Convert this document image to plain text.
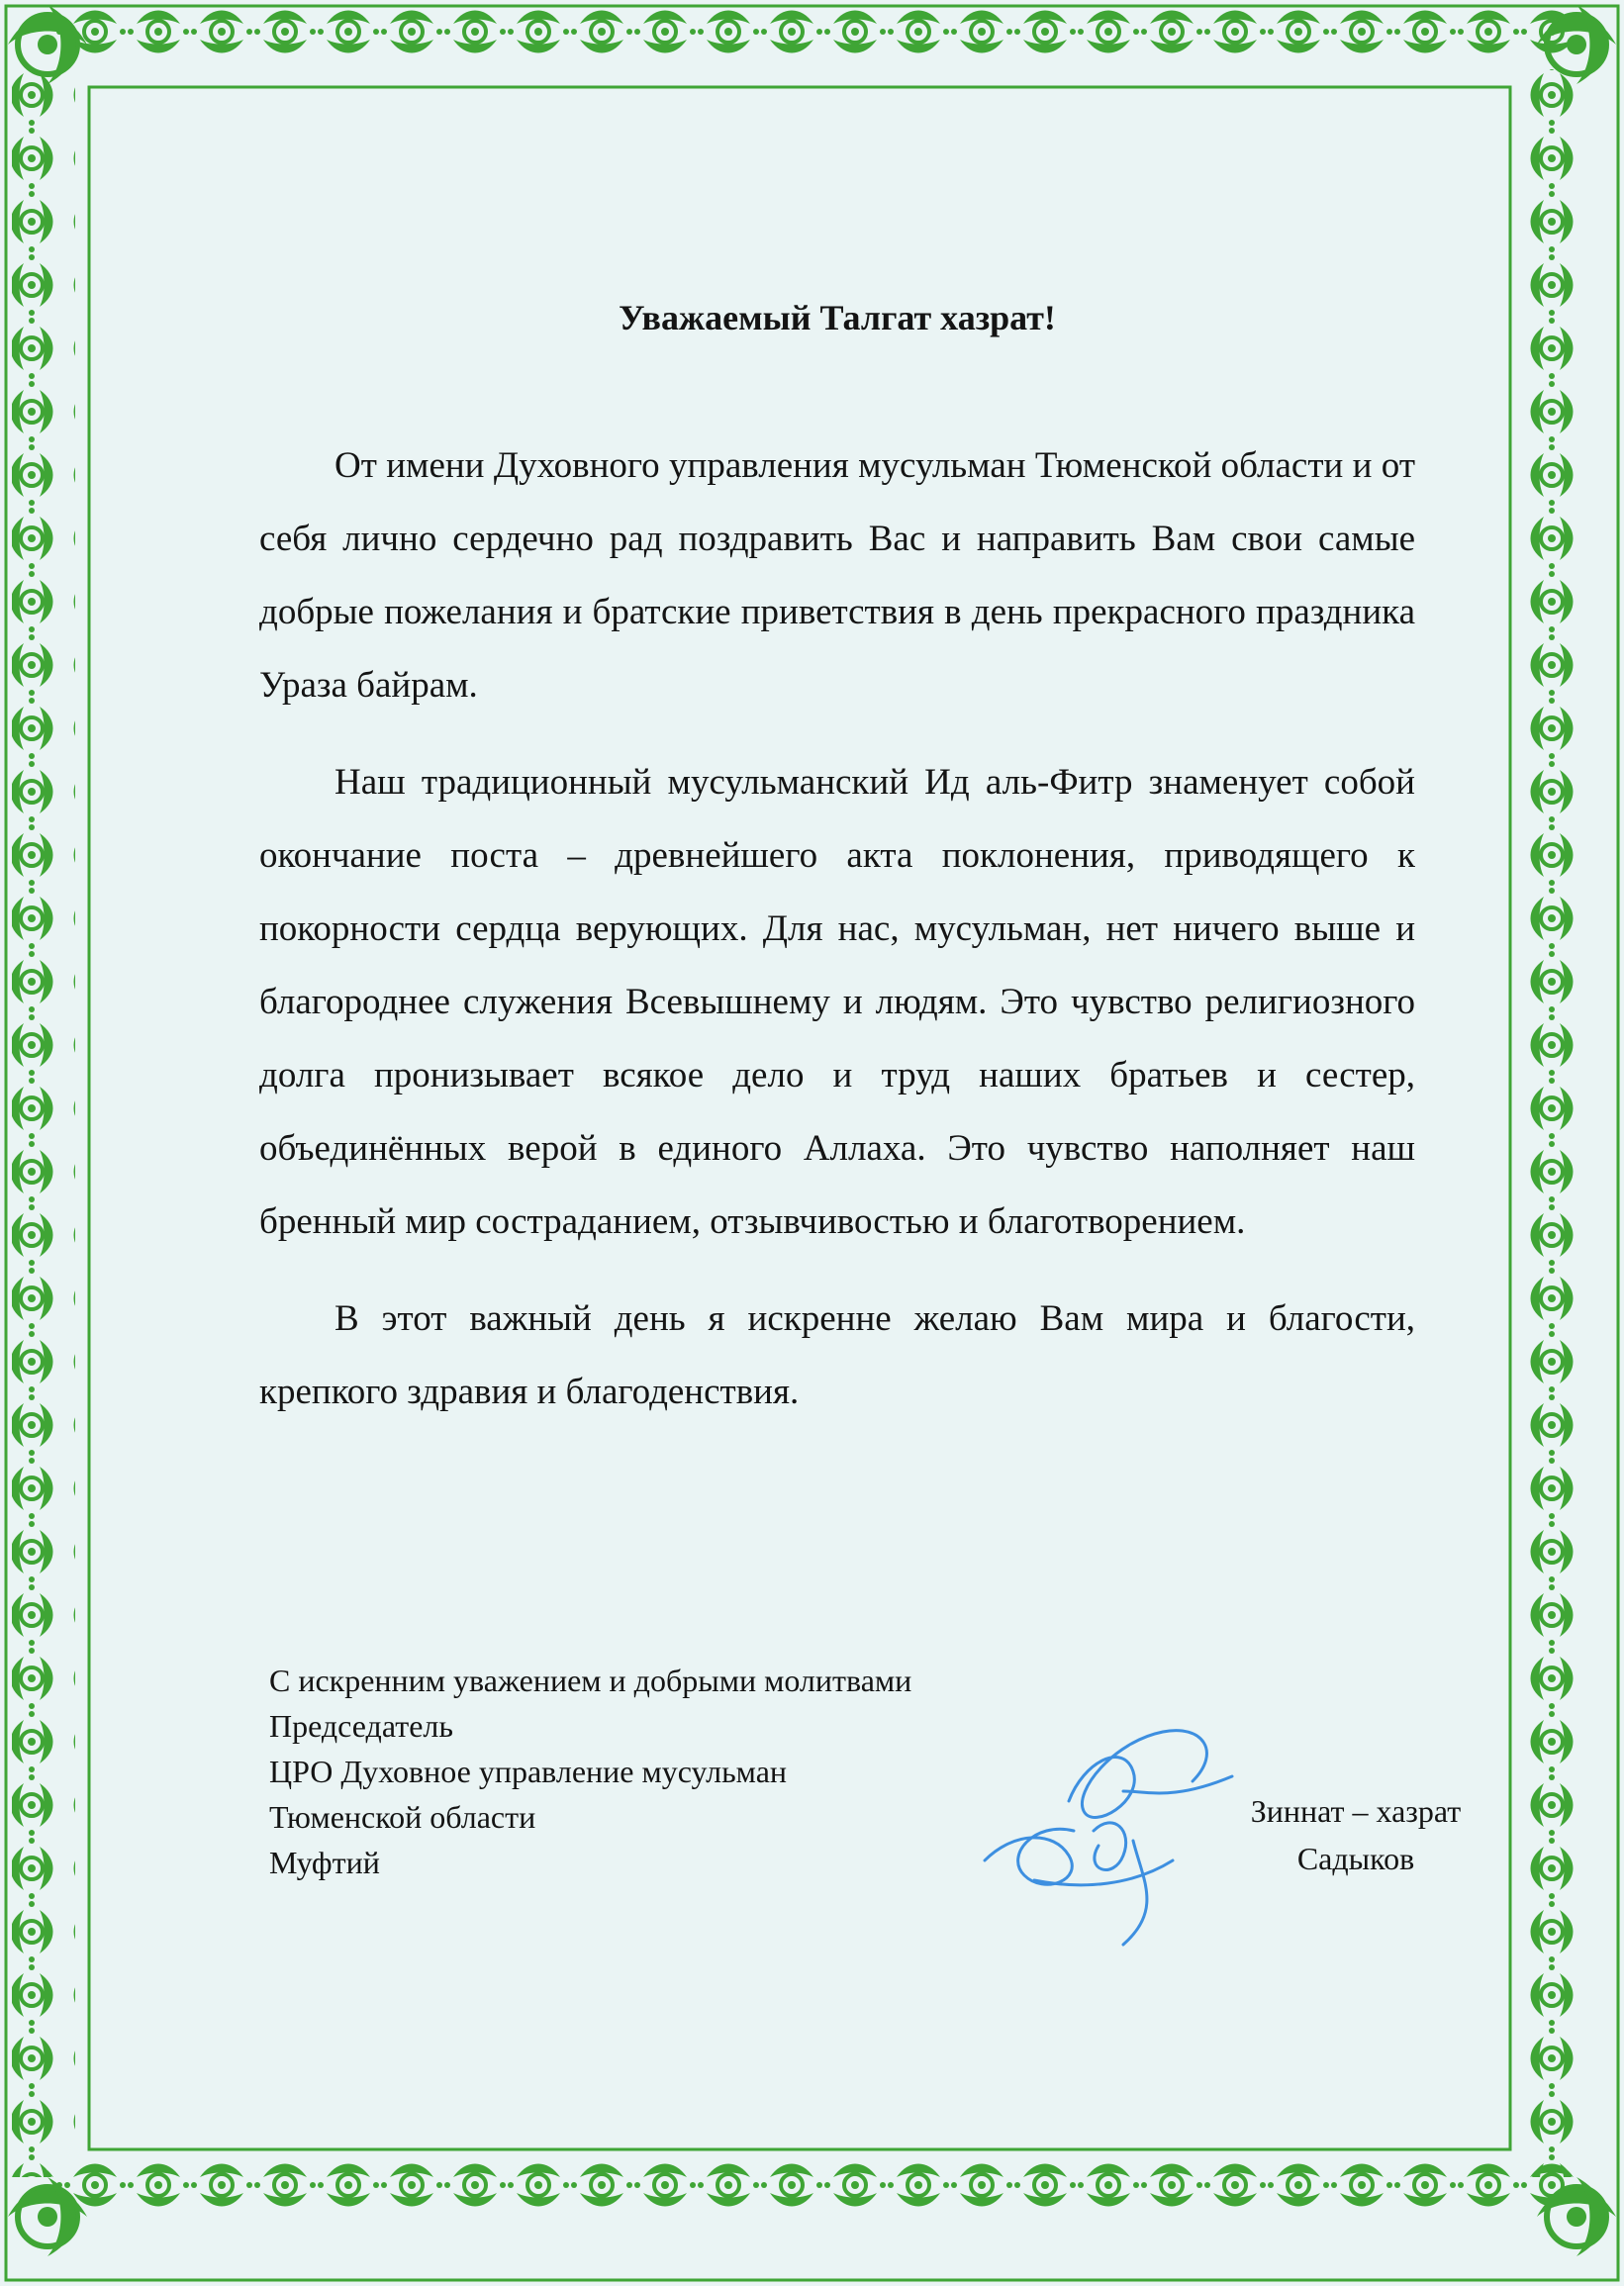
Уважаемый Талгат хазрат!

От имени Духовного управления мусульман Тюменской области и от себя лично сердечно рад поздравить Вас и направить Вам свои самые добрые пожелания и братские приветствия в день прекрасного праздника Ураза байрам.

Наш традиционный мусульманский Ид аль-Фитр знаменует собой окончание поста – древнейшего акта поклонения, приводящего к покорности сердца верующих. Для нас, мусульман, нет ничего выше и благороднее служения Всевышнему и людям. Это чувство религиозного долга пронизывает всякое дело и труд наших братьев и сестер, объединённых верой в единого Аллаха. Это чувство наполняет наш бренный мир состраданием, отзывчивостью и благотворением.

В этот важный день я искренне желаю Вам мира и благости, крепкого здравия и благоденствия.

С искренним уважением и добрыми молитвами
Председатель
ЦРО Духовное управление мусульман
Тюменской области
Муфтий
Зиннат – хазрат
Садыков
